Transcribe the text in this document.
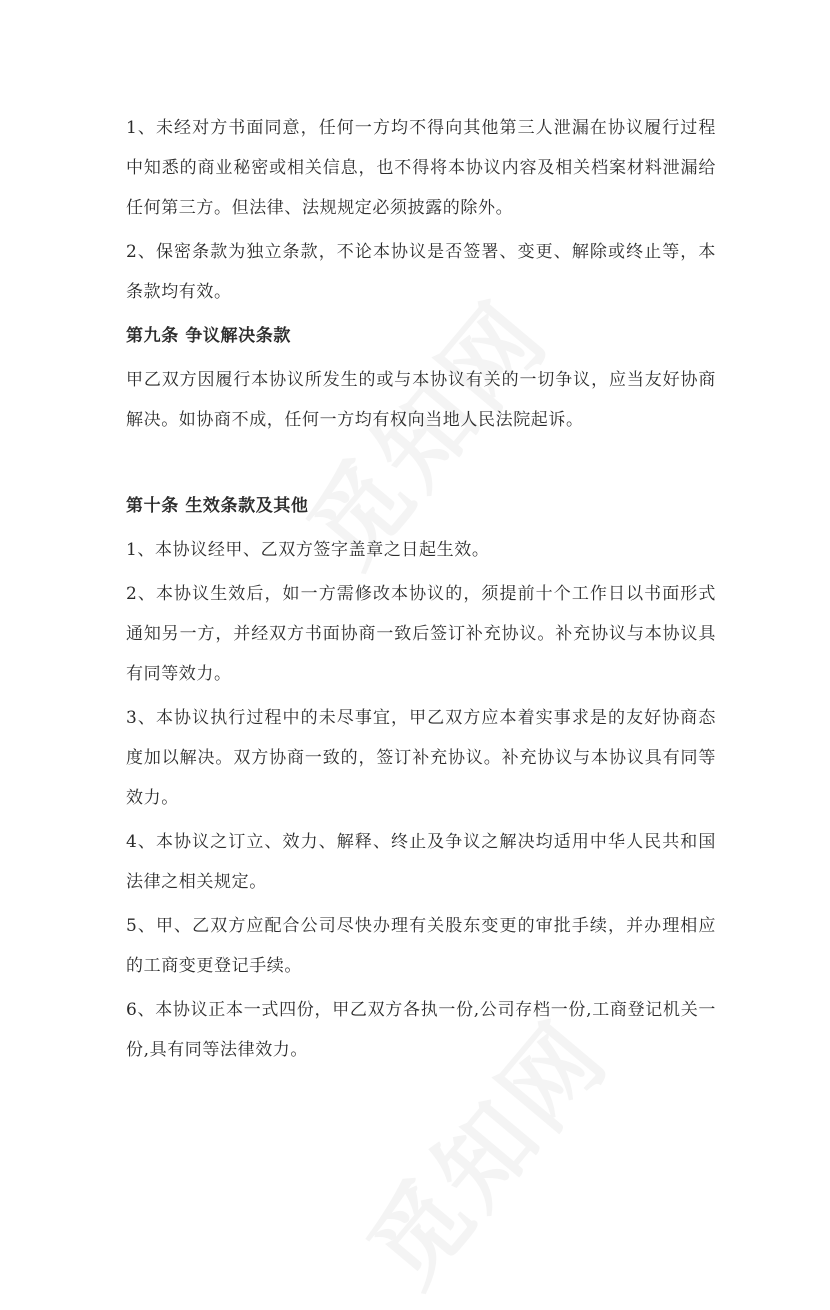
1、未经对方书面同意，任何一方均不得向其他第三人泄漏在协议履行过程中知悉的商业秘密或相关信息，也不得将本协议内容及相关档案材料泄漏给任何第三方。但法律、法规规定必须披露的除外。

2、保密条款为独立条款，不论本协议是否签署、变更、解除或终止等，本条款均有效。

第九条 争议解决条款

甲乙双方因履行本协议所发生的或与本协议有关的一切争议，应当友好协商解决。如协商不成，任何一方均有权向当地人民法院起诉。

第十条 生效条款及其他

1、本协议经甲、乙双方签字盖章之日起生效。

2、本协议生效后，如一方需修改本协议的，须提前十个工作日以书面形式通知另一方，并经双方书面协商一致后签订补充协议。补充协议与本协议具有同等效力。

3、本协议执行过程中的未尽事宜，甲乙双方应本着实事求是的友好协商态度加以解决。双方协商一致的，签订补充协议。补充协议与本协议具有同等效力。

4、本协议之订立、效力、解释、终止及争议之解决均适用中华人民共和国法律之相关规定。

5、甲、乙双方应配合公司尽快办理有关股东变更的审批手续，并办理相应的工商变更登记手续。

6、本协议正本一式四份，甲乙双方各执一份,公司存档一份,工商登记机关一份,具有同等法律效力。
